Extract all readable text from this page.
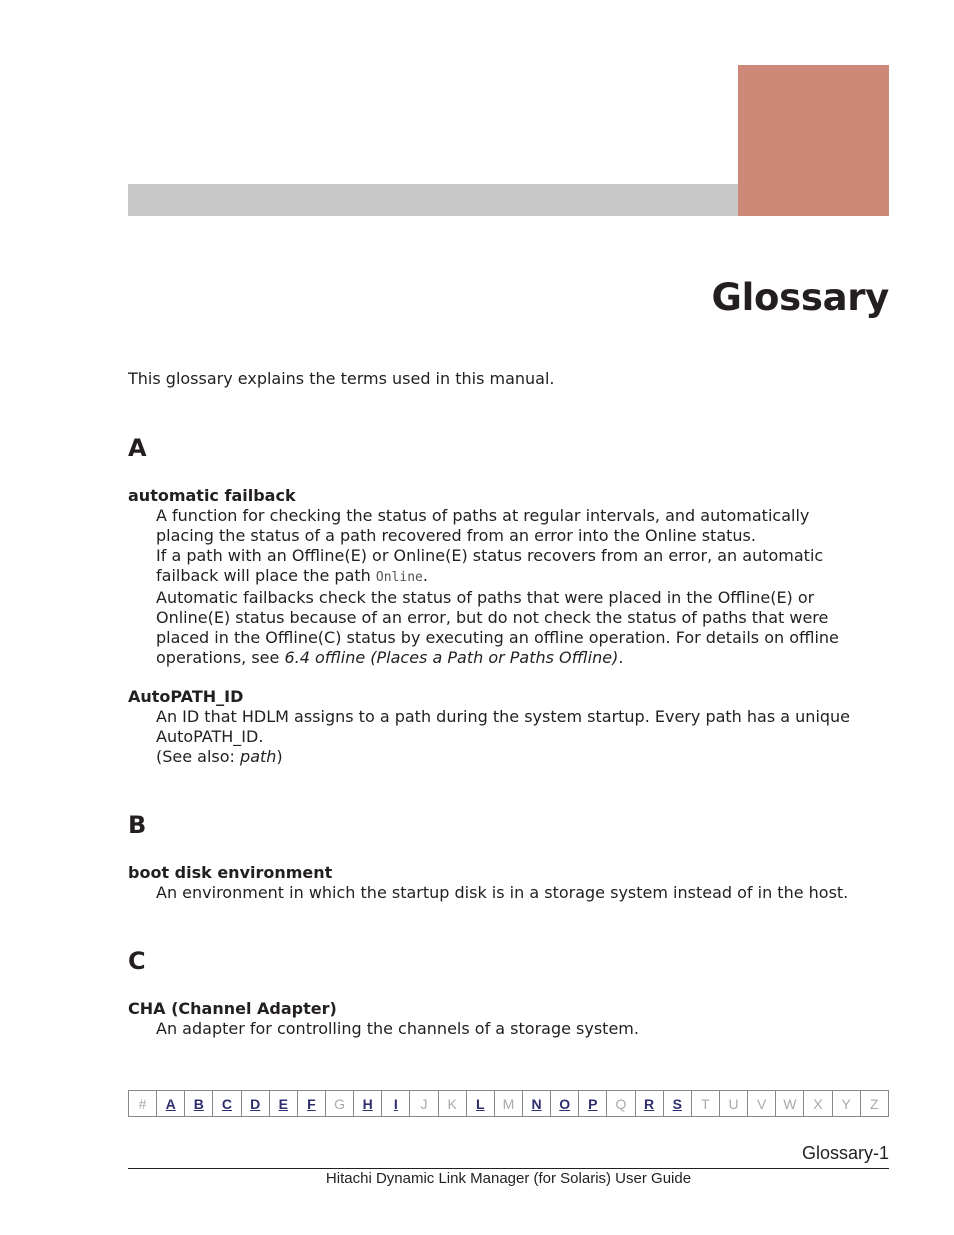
Glossary

This glossary explains the terms used in this manual.

A

automatic failback

A function for checking the status of paths at regular intervals, and automatically

placing the status of a path recovered from an error into the Online status.

If a path with an Offline(E) or Online(E) status recovers from an error, an automatic

failback will place the path Online.

Automatic failbacks check the status of paths that were placed in the Offline(E) or

Online(E) status because of an error, but do not check the status of paths that were

placed in the Offline(C) status by executing an offline operation. For details on offline

operations, see 6.4 offline (Places a Path or Paths Offline).

AutoPATH_ID

An ID that HDLM assigns to a path during the system startup. Every path has a unique

AutoPATH_ID.

(See also: path)

B

boot disk environment

An environment in which the startup disk is in a storage system instead of in the host.

C

CHA (Channel Adapter)

An adapter for controlling the channels of a storage system.

#	A	B	C	D	E	F	G	H	I	J	K	L	M	N	O	P	Q	R	S	T	U	V	W	X	Y	Z

Glossary-1

Hitachi Dynamic Link Manager (for Solaris) User Guide
